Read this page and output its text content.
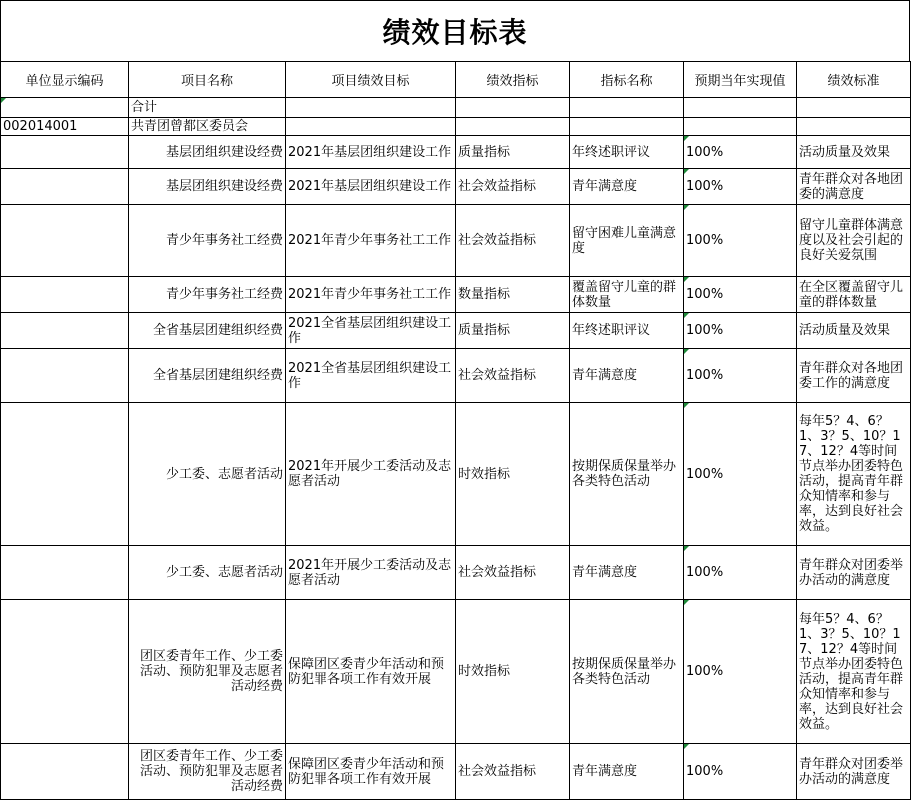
绩效目标表
单位显示编码	项目名称	项目绩效目标	绩效指标	指标名称	预期当年实现值	绩效标准
	合计					
002014001	共青团曾都区委员会					
	基层团组织建设经费	2021年基层团组织建设工作	质量指标	年终述职评议	100%	活动质量及效果
	基层团组织建设经费	2021年基层团组织建设工作	社会效益指标	青年满意度	100%	青年群众对各地团委的满意度
	青少年事务社工经费	2021年青少年事务社工工作	社会效益指标	留守困难儿童满意度	100%	留守儿童群体满意度以及社会引起的良好关爱氛围
	青少年事务社工经费	2021年青少年事务社工工作	数量指标	覆盖留守儿童的群体数量	100%	在全区覆盖留守儿童的群体数量
	全省基层团建组织经费	2021全省基层团组织建设工作	质量指标	年终述职评议	100%	活动质量及效果
	全省基层团建组织经费	2021全省基层团组织建设工作	社会效益指标	青年满意度	100%	青年群众对各地团委工作的满意度
	少工委、志愿者活动	2021年开展少工委活动及志愿者活动	时效指标	按期保质保量举办各类特色活动	100%	每年5？4、6？1、3？5、10？17、12？4等时间节点举办团委特色活动，提高青年群众知情率和参与率，达到良好社会效益。
	少工委、志愿者活动	2021年开展少工委活动及志愿者活动	社会效益指标	青年满意度	100%	青年群众对团委举办活动的满意度
	团区委青年工作、少工委活动、预防犯罪及志愿者活动经费	保障团区委青少年活动和预防犯罪各项工作有效开展	时效指标	按期保质保量举办各类特色活动	100%	每年5？4、6？1、3？5、10？17、12？4等时间节点举办团委特色活动，提高青年群众知情率和参与率，达到良好社会效益。
	团区委青年工作、少工委活动、预防犯罪及志愿者活动经费	保障团区委青少年活动和预防犯罪各项工作有效开展	社会效益指标	青年满意度	100%	青年群众对团委举办活动的满意度
